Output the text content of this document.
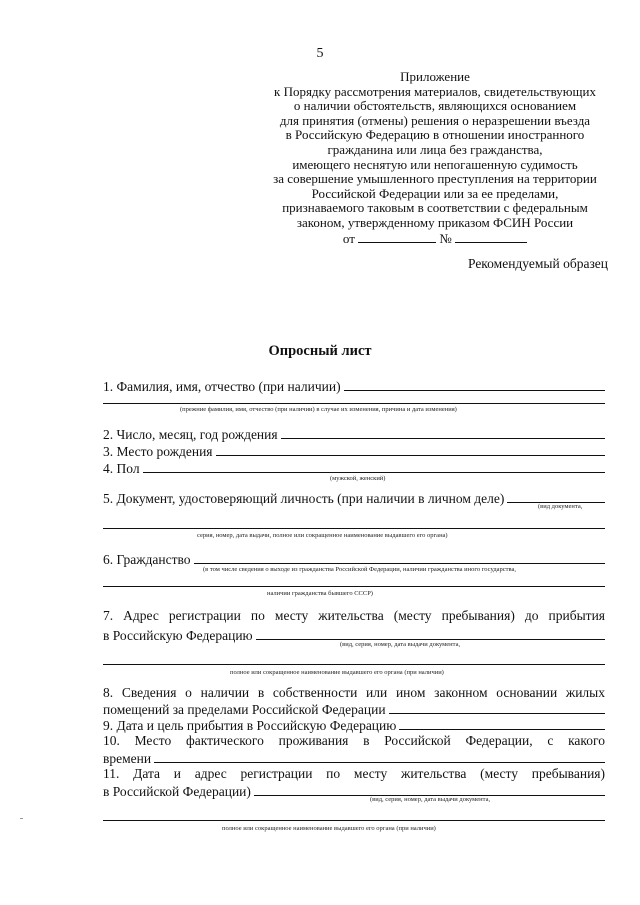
5
Приложение
к Порядку рассмотрения материалов, свидетельствующих
о наличии обстоятельств, являющихся основанием
для принятия (отмены) решения о неразрешении въезда
в Российскую Федерацию в отношении иностранного
гражданина или лица без гражданства,
имеющего неснятую или непогашенную судимость
за совершение умышленного преступления на территории
Российской Федерации или за ее пределами,
признаваемого таковым в соответствии с федеральным
законом, утвержденному приказом ФСИН России
от	№
Рекомендуемый образец
Опросный лист
1. Фамилия, имя, отчество (при наличии)
(прежние фамилия, имя, отчество (при наличии) в случае их изменения, причина и дата изменения)
2. Число, месяц, год рождения
3. Место рождения
4. Пол
(мужской, женский)
5. Документ, удостоверяющий личность (при наличии в личном деле)
(вид документа,
серия, номер, дата выдачи, полное или сокращенное наименование выдавшего его органа)
6. Гражданство
(в том числе сведения о выходе из гражданства Российской Федерации, наличии гражданства иного государства,
наличии гражданства бывшего СССР)
7. Адрес регистрации по месту жительства (месту пребывания) до прибытия
в Российскую Федерацию
(вид, серия, номер, дата выдачи документа,
полное или сокращенное наименование выдавшего его органа (при наличии)
8. Сведения о наличии в собственности или ином законном основании жилых
помещений за пределами Российской Федерации
9. Дата и цель прибытия в Российскую Федерацию
10. Место фактического проживания в Российской Федерации, с какого
времени
11. Дата и адрес регистрации по месту жительства (месту пребывания)
в Российской Федерации)
(вид, серия, номер, дата выдачи документа,
полное или сокращенное наименование выдавшего его органа (при наличии)
